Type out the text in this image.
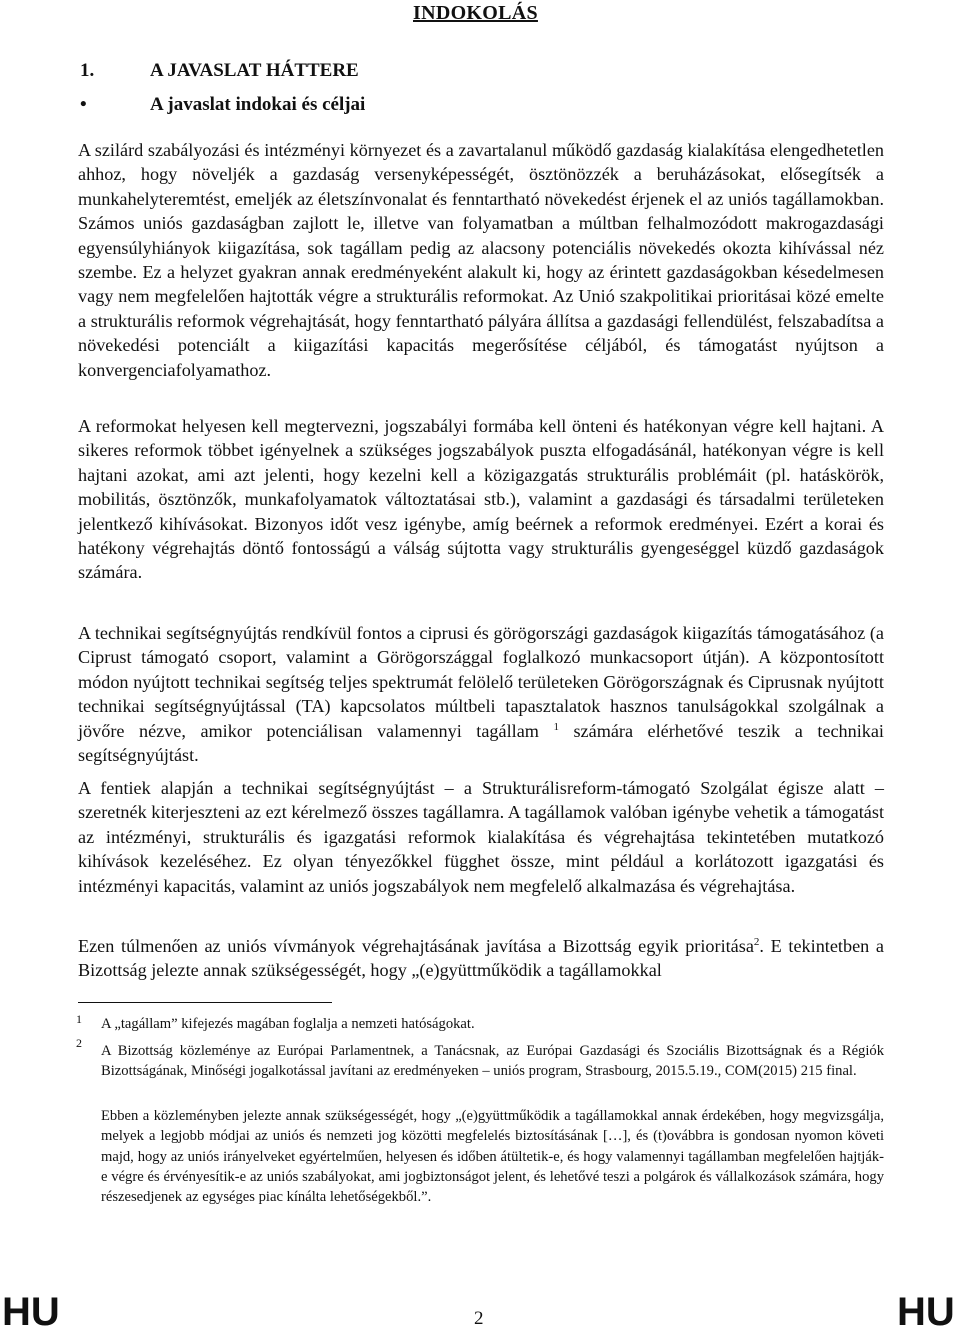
INDOKOLÁS
1.	A JAVASLAT HÁTTERE
•	A javaslat indokai és céljai

A szilárd szabályozási és intézményi környezet és a zavartalanul működő gazdaság kialakítása elengedhetetlen ahhoz, hogy növeljék a gazdaság versenyképességét, ösztönözzék a beruházásokat, elősegítsék a munkahelyteremtést, emeljék az életszínvonalat és fenntartható növekedést érjenek el az uniós tagállamokban. Számos uniós gazdaságban zajlott le, illetve van folyamatban a múltban felhalmozódott makrogazdasági egyensúlyhiányok kiigazítása, sok tagállam pedig az alacsony potenciális növekedés okozta kihívással néz szembe. Ez a helyzet gyakran annak eredményeként alakult ki, hogy az érintett gazdaságokban késedelmesen vagy nem megfelelően hajtották végre a strukturális reformokat. Az Unió szakpolitikai prioritásai közé emelte a strukturális reformok végrehajtását, hogy fenntartható pályára állítsa a gazdasági fellendülést, felszabadítsa a növekedési potenciált a kiigazítási kapacitás megerősítése céljából, és támogatást nyújtson a konvergenciafolyamathoz.

A reformokat helyesen kell megtervezni, jogszabályi formába kell önteni és hatékonyan végre kell hajtani. A sikeres reformok többet igényelnek a szükséges jogszabályok puszta elfogadásánál, hatékonyan végre is kell hajtani azokat, ami azt jelenti, hogy kezelni kell a közigazgatás strukturális problémáit (pl. hatáskörök, mobilitás, ösztönzők, munkafolyamatok változtatásai stb.), valamint a gazdasági és társadalmi területeken jelentkező kihívásokat. Bizonyos időt vesz igénybe, amíg beérnek a reformok eredményei. Ezért a korai és hatékony végrehajtás döntő fontosságú a válság sújtotta vagy strukturális gyengeséggel küzdő gazdaságok számára.

A technikai segítségnyújtás rendkívül fontos a ciprusi és görögországi gazdaságok kiigazítás támogatásához (a Ciprust támogató csoport, valamint a Görögországgal foglalkozó munkacsoport útján). A központosított módon nyújtott technikai segítség teljes spektrumát felölelő területeken Görögországnak és Ciprusnak nyújtott technikai segítségnyújtással (TA) kapcsolatos múltbeli tapasztalatok hasznos tanulságokkal szolgálnak a jövőre nézve, amikor potenciálisan valamennyi tagállam $^1$ számára elérhetővé teszik a technikai segítségnyújtást.

A fentiek alapján a technikai segítségnyújtást – a Strukturálisreform-támogató Szolgálat égisze alatt – szeretnék kiterjeszteni az ezt kérelmező összes tagállamra. A tagállamok valóban igénybe vehetik a támogatást az intézményi, strukturális és igazgatási reformok kialakítása és végrehajtása tekintetében mutatkozó kihívások kezeléséhez. Ez olyan tényezőkkel függhet össze, mint például a korlátozott igazgatási és intézményi kapacitás, valamint az uniós jogszabályok nem megfelelő alkalmazása és végrehajtása.

Ezen túlmenően az uniós vívmányok végrehajtásának javítása a Bizottság egyik prioritása$^2$. E tekintetben a Bizottság jelezte annak szükségességét, hogy „(e)gyüttműködik a tagállamokkal

1 A „tagállam” kifejezés magában foglalja a nemzeti hatóságokat.

2 A Bizottság közleménye az Európai Parlamentnek, a Tanácsnak, az Európai Gazdasági és Szociális Bizottságnak és a Régiók Bizottságának, Minőségi jogalkotással javítani az eredményeken – uniós program, Strasbourg, 2015.5.19., COM(2015) 215 final.

Ebben a közleményben jelezte annak szükségességét, hogy „(e)gyüttműködik a tagállamokkal annak érdekében, hogy megvizsgálja, melyek a legjobb módjai az uniós és nemzeti jog közötti megfelelés biztosításának […], és (t)ovábbra is gondosan nyomon követi majd, hogy az uniós irányelveket egyértelműen, helyesen és időben átültetik-e, és hogy valamennyi tagállamban megfelelően hajtják-e végre és érvényesítik-e az uniós szabályokat, ami jogbiztonságot jelent, és lehetővé teszi a polgárok és vállalkozások számára, hogy részesedjenek az egységes piac kínálta lehetőségekből.”.

HU	2	HU
